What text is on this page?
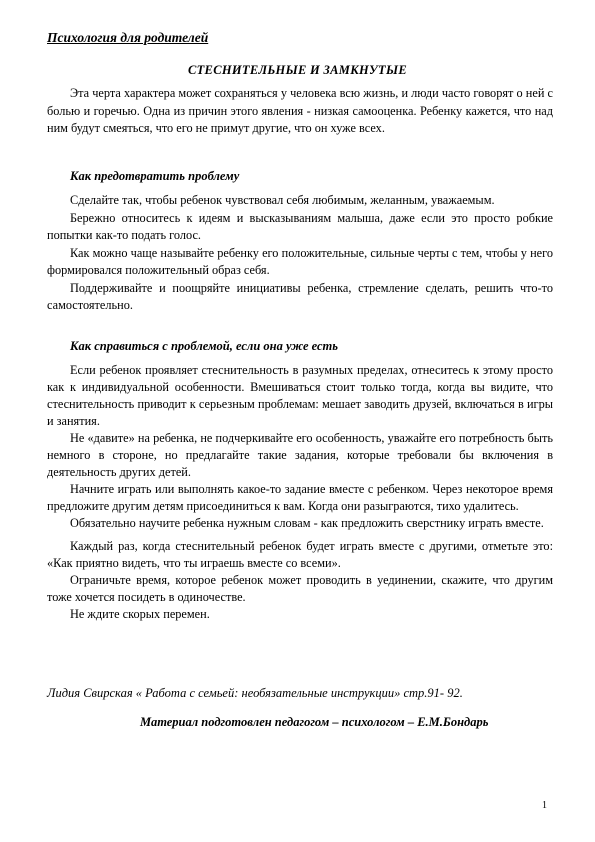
Психология для родителей
СТЕСНИТЕЛЬНЫЕ И ЗАМКНУТЫЕ

Эта черта характера может сохраняться у человека всю жизнь, и люди часто говорят о ней с болью и горечью. Одна из причин этого явления - низкая самооценка. Ребенку кажется, что над ним будут смеяться, что его не примут другие, что он хуже всех.

Как предотвратить проблему

Сделайте так, чтобы ребенок чувствовал себя любимым, желанным, уважаемым.

Бережно относитесь к идеям и высказываниям малыша, даже если это просто робкие попытки как-то подать голос.

Как можно чаще называйте ребенку его положительные, сильные черты с тем, чтобы у него формировался положительный образ себя.

Поддерживайте и поощряйте инициативы ребенка, стремление сделать, решить что-то самостоятельно.

Как справиться с проблемой, если она уже есть

Если ребенок проявляет стеснительность в разумных пределах, отнеситесь к этому просто как к индивидуальной особенности. Вмешиваться стоит только тогда, когда вы видите, что стеснительность приводит к серьезным проблемам: мешает заводить друзей, включаться в игры и занятия.

Не «давите» на ребенка, не подчеркивайте его особенность, уважайте его потребность быть немного в стороне, но предлагайте такие задания, которые требовали бы включения в деятельность других детей.

Начните играть или выполнять какое-то задание вместе с ребенком. Через некоторое время предложите другим детям присоединиться к вам. Когда они разыграются, тихо удалитесь.

Обязательно научите ребенка нужным словам - как предложить сверстнику играть вместе.

Каждый раз, когда стеснительный ребенок будет играть вместе с другими, отметьте это: «Как приятно видеть, что ты играешь вместе со всеми».

Ограничьте время, которое ребенок может проводить в уединении, скажите, что другим тоже хочется посидеть в одиночестве.

Не ждите скорых перемен.

Лидия Свирская « Работа с семьей: необязательные инструкции» стр.91- 92.
Материал подготовлен педагогом – психологом – Е.М.Бондарь
1
